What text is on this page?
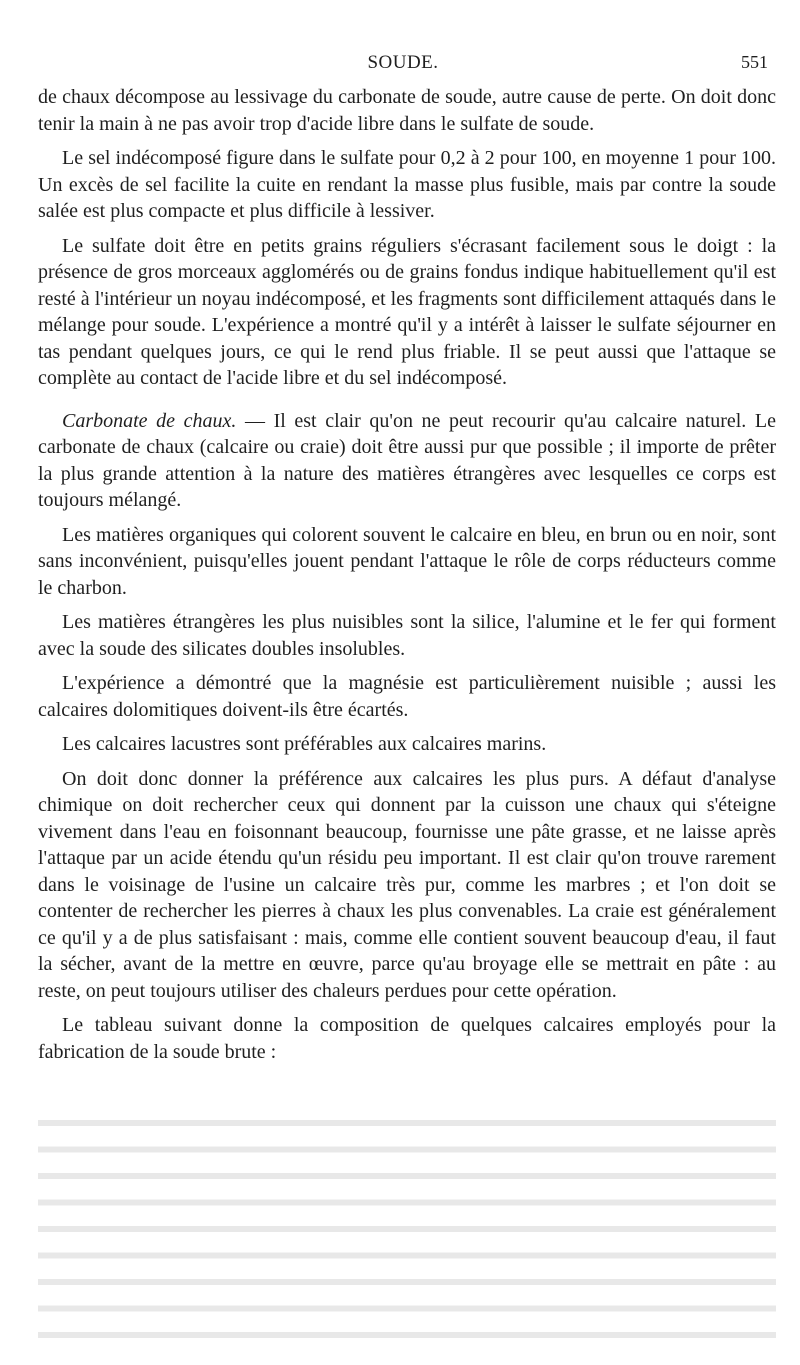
SOUDE.	551

de chaux décompose au lessivage du carbonate de soude, autre cause de perte. On doit donc tenir la main à ne pas avoir trop d'acide libre dans le sulfate de soude.

Le sel indécomposé figure dans le sulfate pour 0,2 à 2 pour 100, en moyenne 1 pour 100. Un excès de sel facilite la cuite en rendant la masse plus fusible, mais par contre la soude salée est plus compacte et plus difficile à lessiver.

Le sulfate doit être en petits grains réguliers s'écrasant facilement sous le doigt : la présence de gros morceaux agglomérés ou de grains fondus indique habituellement qu'il est resté à l'intérieur un noyau indécomposé, et les fragments sont difficilement attaqués dans le mélange pour soude. L'expérience a montré qu'il y a intérêt à laisser le sulfate séjourner en tas pendant quelques jours, ce qui le rend plus friable. Il se peut aussi que l'attaque se complète au contact de l'acide libre et du sel indécomposé.

Carbonate de chaux. — Il est clair qu'on ne peut recourir qu'au calcaire naturel. Le carbonate de chaux (calcaire ou craie) doit être aussi pur que possible ; il importe de prêter la plus grande attention à la nature des matières étrangères avec lesquelles ce corps est toujours mélangé.

Les matières organiques qui colorent souvent le calcaire en bleu, en brun ou en noir, sont sans inconvénient, puisqu'elles jouent pendant l'attaque le rôle de corps réducteurs comme le charbon.

Les matières étrangères les plus nuisibles sont la silice, l'alumine et le fer qui forment avec la soude des silicates doubles insolubles.

L'expérience a démontré que la magnésie est particulièrement nuisible ; aussi les calcaires dolomitiques doivent-ils être écartés.

Les calcaires lacustres sont préférables aux calcaires marins.

On doit donc donner la préférence aux calcaires les plus purs. A défaut d'analyse chimique on doit rechercher ceux qui donnent par la cuisson une chaux qui s'éteigne vivement dans l'eau en foisonnant beaucoup, fournisse une pâte grasse, et ne laisse après l'attaque par un acide étendu qu'un résidu peu important. Il est clair qu'on trouve rarement dans le voisinage de l'usine un calcaire très pur, comme les marbres ; et l'on doit se contenter de rechercher les pierres à chaux les plus convenables. La craie est généralement ce qu'il y a de plus satisfaisant : mais, comme elle contient souvent beaucoup d'eau, il faut la sécher, avant de la mettre en œuvre, parce qu'au broyage elle se mettrait en pâte : au reste, on peut toujours utiliser des chaleurs perdues pour cette opération.

Le tableau suivant donne la composition de quelques calcaires employés pour la fabrication de la soude brute :
